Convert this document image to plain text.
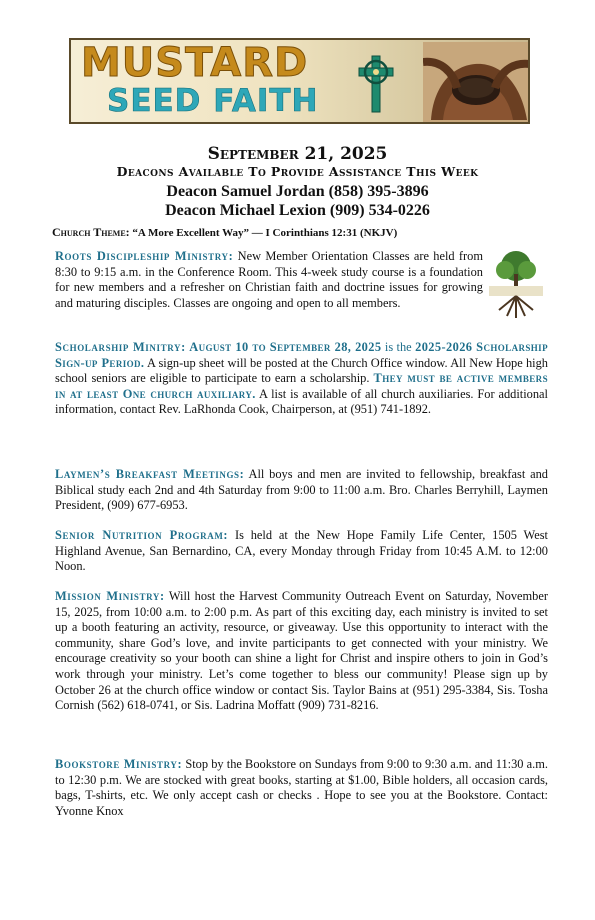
MUSTARD
SEED FAITH
September 21, 2025
Deacons Available To Provide Assistance This Week
Deacon Samuel Jordan (858) 395-3896
Deacon Michael Lexion (909) 534-0226
Church Theme: “A More Excellent Way” — I Corinthians 12:31 (NKJV)
Roots Discipleship Ministry: New Member Orientation Classes are held from 8:30 to 9:15 a.m. in the Conference Room. This 4-week study course is a foundation for new members and a refresher on Christian faith and doctrine issues for growing and maturing disciples. Classes are ongoing and open to all members.
Scholarship Minitry: August 10 to September 28, 2025 is the 2025-2026 Scholarship Sign-up Period. A sign-up sheet will be posted at the Church Office window. All New Hope high school seniors are eligible to participate to earn a scholarship. They must be active members in at least One church auxiliary. A list is available of all church auxiliaries. For additional information, contact Rev. LaRhonda Cook, Chairperson, at (951) 741-1892.
Laymen’s Breakfast Meetings: All boys and men are invited to fellowship, breakfast and Biblical study each 2nd and 4th Saturday from 9:00 to 11:00 a.m. Bro. Charles Berryhill, Laymen President, (909) 677-6953.
Senior Nutrition Program: Is held at the New Hope Family Life Center, 1505 West Highland Avenue, San Bernardino, CA, every Monday through Friday from 10:45 A.M. to 12:00 Noon.
Mission Ministry: Will host the Harvest Community Outreach Event on Saturday, November 15, 2025, from 10:00 a.m. to 2:00 p.m. As part of this exciting day, each ministry is invited to set up a booth featuring an activity, resource, or giveaway. Use this opportunity to interact with the community, share God’s love, and invite participants to get connected with your ministry. We encourage creativity so your booth can shine a light for Christ and inspire others to join in God’s work through your ministry. Let’s come together to bless our community! Please sign up by October 26 at the church office window or contact Sis. Taylor Bains at (951) 295-3384, Sis. Tosha Cornish (562) 618-0741, or Sis. Ladrina Moffatt (909) 731-8216.
Bookstore Ministry: Stop by the Bookstore on Sundays from 9:00 to 9:30 a.m. and 11:30 a.m. to 12:30 p.m. We are stocked with great books, starting at $1.00, Bible holders, all occasion cards, bags, T-shirts, etc. We only accept cash or checks . Hope to see you at the Bookstore. Contact: Yvonne Knox
